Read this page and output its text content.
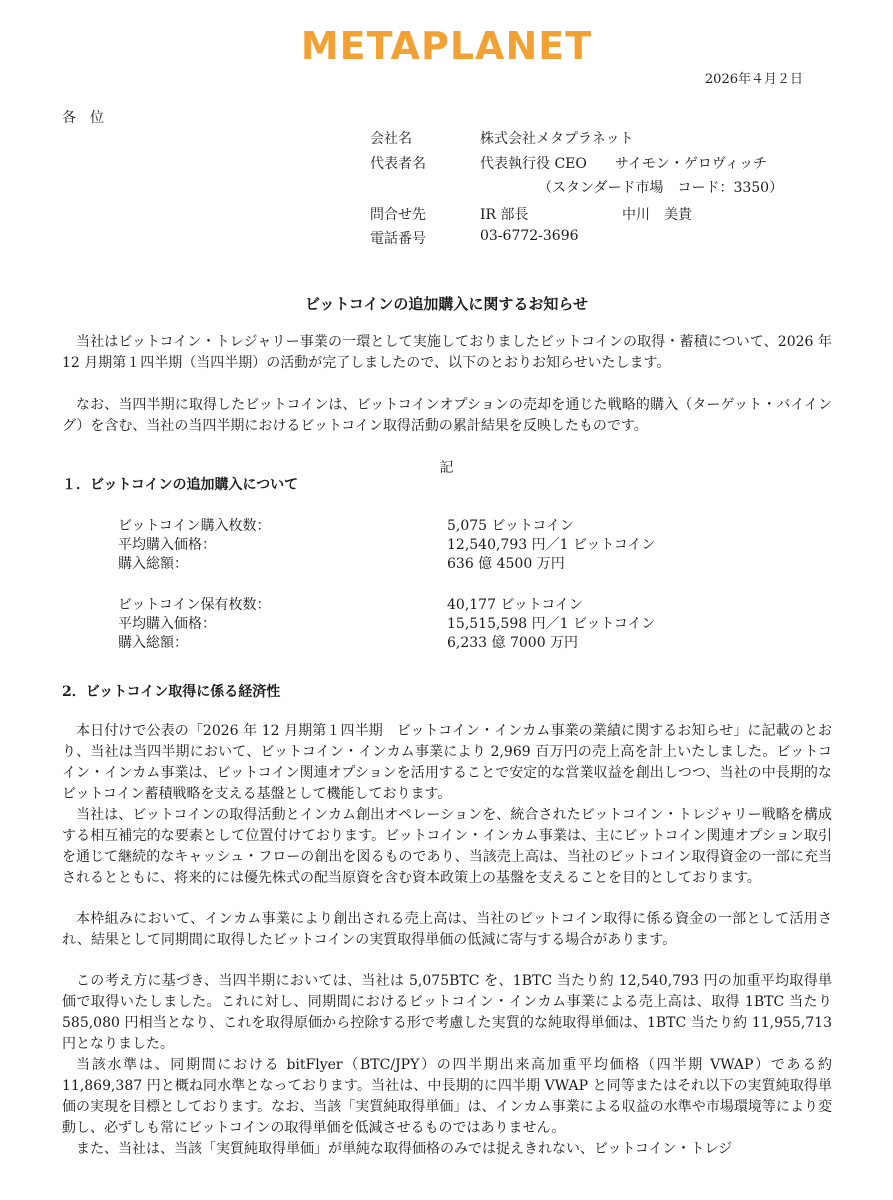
METAPLANET
2026年４月２日
各位
会社名	株式会社メタプラネット
代表者名	代表執行役 CEO　　サイモン・ゲロヴィッチ
（スタンダード市場　コード：3350）
問合せ先	IR 部長	中川　美貴
電話番号	03-6772-3696
ビットコインの追加購入に関するお知らせ
当社はビットコイン・トレジャリー事業の一環として実施しておりましたビットコインの取得・蓄積について、2026 年 12 月期第１四半期（当四半期）の活動が完了しましたので、以下のとおりお知らせいたします。
なお、当四半期に取得したビットコインは、ビットコインオプションの売却を通じた戦略的購入（ターゲット・バイイング）を含む、当社の当四半期におけるビットコイン取得活動の累計結果を反映したものです。
記
１．ビットコインの追加購入について
ビットコイン購入枚数：	5,075 ビットコイン
平均購入価格：	12,540,793 円／1 ビットコイン
購入総額：	636 億 4500 万円
ビットコイン保有枚数：	40,177 ビットコイン
平均購入価格：	15,515,598 円／1 ビットコイン
購入総額：	6,233 億 7000 万円
2．ビットコイン取得に係る経済性
本日付けで公表の「2026 年 12 月期第１四半期　ビットコイン・インカム事業の業績に関するお知らせ」に記載のとおり、当社は当四半期において、ビットコイン・インカム事業により 2,969 百万円の売上高を計上いたしました。ビットコイン・インカム事業は、ビットコイン関連オプションを活用することで安定的な営業収益を創出しつつ、当社の中長期的なビットコイン蓄積戦略を支える基盤として機能しております。
当社は、ビットコインの取得活動とインカム創出オペレーションを、統合されたビットコイン・トレジャリー戦略を構成する相互補完的な要素として位置付けております。ビットコイン・インカム事業は、主にビットコイン関連オプション取引を通じて継続的なキャッシュ・フローの創出を図るものであり、当該売上高は、当社のビットコイン取得資金の一部に充当されるとともに、将来的には優先株式の配当原資を含む資本政策上の基盤を支えることを目的としております。
本枠組みにおいて、インカム事業により創出される売上高は、当社のビットコイン取得に係る資金の一部として活用され、結果として同期間に取得したビットコインの実質取得単価の低減に寄与する場合があります。
この考え方に基づき、当四半期においては、当社は 5,075BTC を、1BTC 当たり約 12,540,793 円の加重平均取得単価で取得いたしました。これに対し、同期間におけるビットコイン・インカム事業による売上高は、取得 1BTC 当たり 585,080 円相当となり、これを取得原価から控除する形で考慮した実質的な純取得単価は、1BTC 当たり約 11,955,713 円となりました。
当該水準は、同期間における bitFlyer（BTC/JPY）の四半期出来高加重平均価格（四半期 VWAP）である約 11,869,387 円と概ね同水準となっております。当社は、中長期的に四半期 VWAP と同等またはそれ以下の実質純取得単価の実現を目標としております。なお、当該「実質純取得単価」は、インカム事業による収益の水準や市場環境等により変動し、必ずしも常にビットコインの取得単価を低減させるものではありません。
また、当社は、当該「実質純取得単価」が単純な取得価格のみでは捉えきれない、ビットコイン・トレジ
